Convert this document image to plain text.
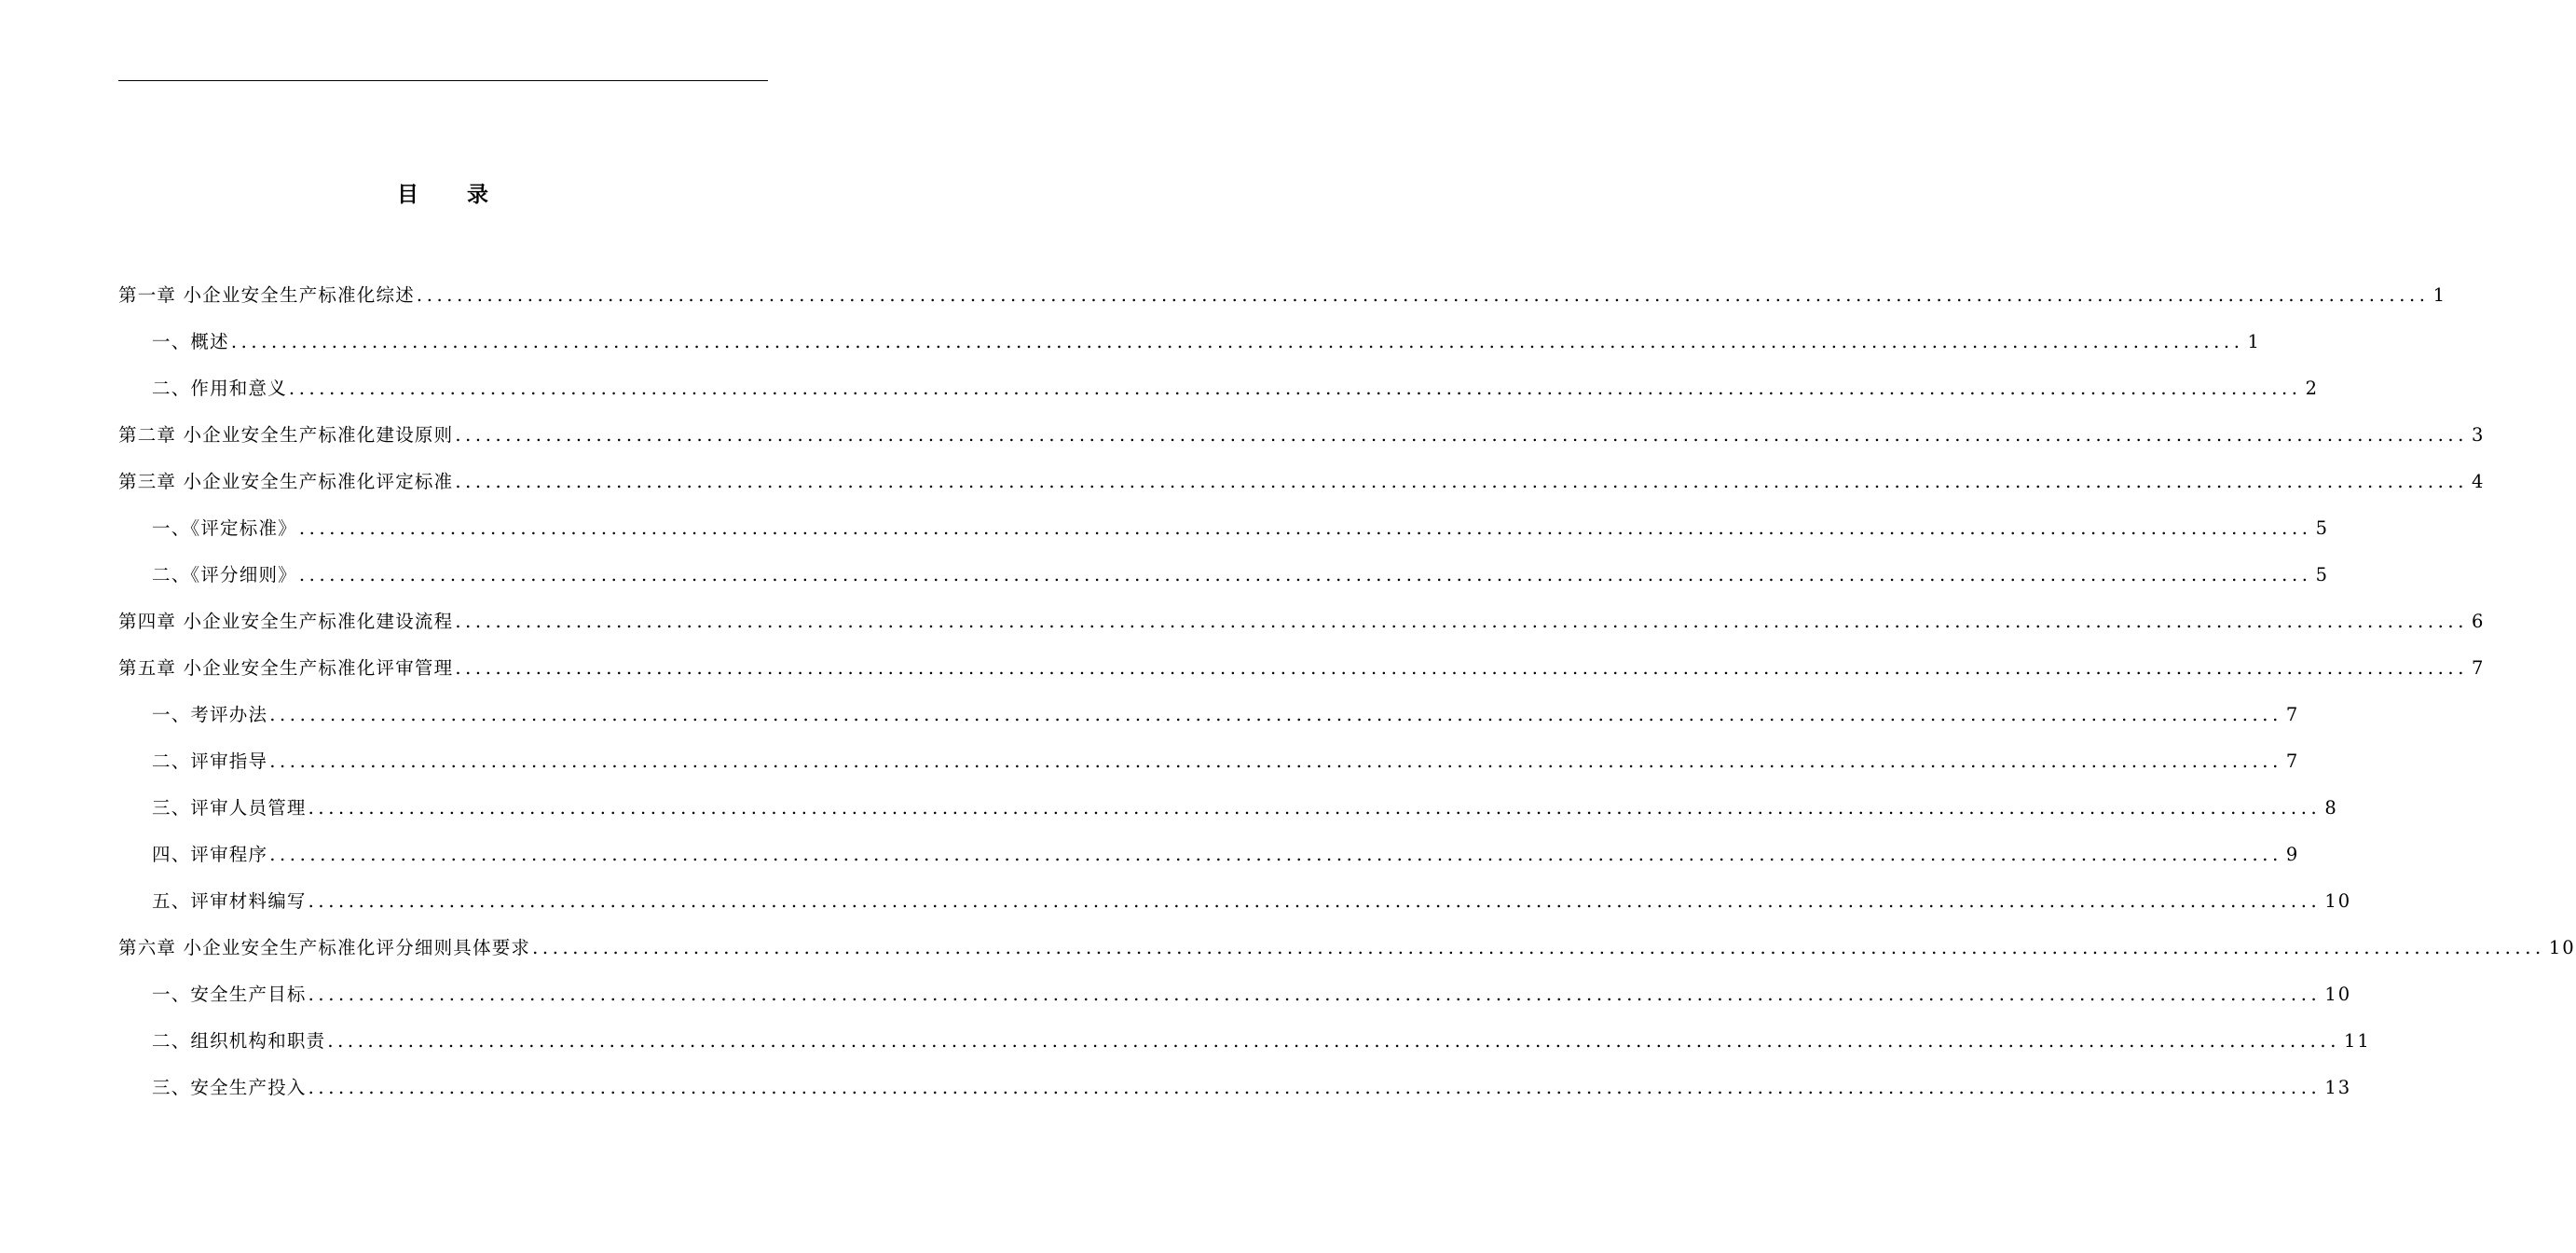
目 录
第一章 小企业安全生产标准化综述 ........................................................................................................................................................................................................ 1
一、概述 ........................................................................................................................................................................................................ 1
二、作用和意义 ........................................................................................................................................................................................................ 2
第二章 小企业安全生产标准化建设原则 ........................................................................................................................................................................................................ 3
第三章 小企业安全生产标准化评定标准 ........................................................................................................................................................................................................ 4
一、《评定标准》 ........................................................................................................................................................................................................ 5
二、《评分细则》 ........................................................................................................................................................................................................ 5
第四章 小企业安全生产标准化建设流程 ........................................................................................................................................................................................................ 6
第五章 小企业安全生产标准化评审管理 ........................................................................................................................................................................................................ 7
一、考评办法 ........................................................................................................................................................................................................ 7
二、评审指导 ........................................................................................................................................................................................................ 7
三、评审人员管理 ........................................................................................................................................................................................................ 8
四、评审程序 ........................................................................................................................................................................................................ 9
五、评审材料编写 ........................................................................................................................................................................................................ 10
第六章 小企业安全生产标准化评分细则具体要求 ........................................................................................................................................................................................................ 10
一、安全生产目标 ........................................................................................................................................................................................................ 10
二、组织机构和职责 ........................................................................................................................................................................................................ 11
三、安全生产投入 ........................................................................................................................................................................................................ 13
